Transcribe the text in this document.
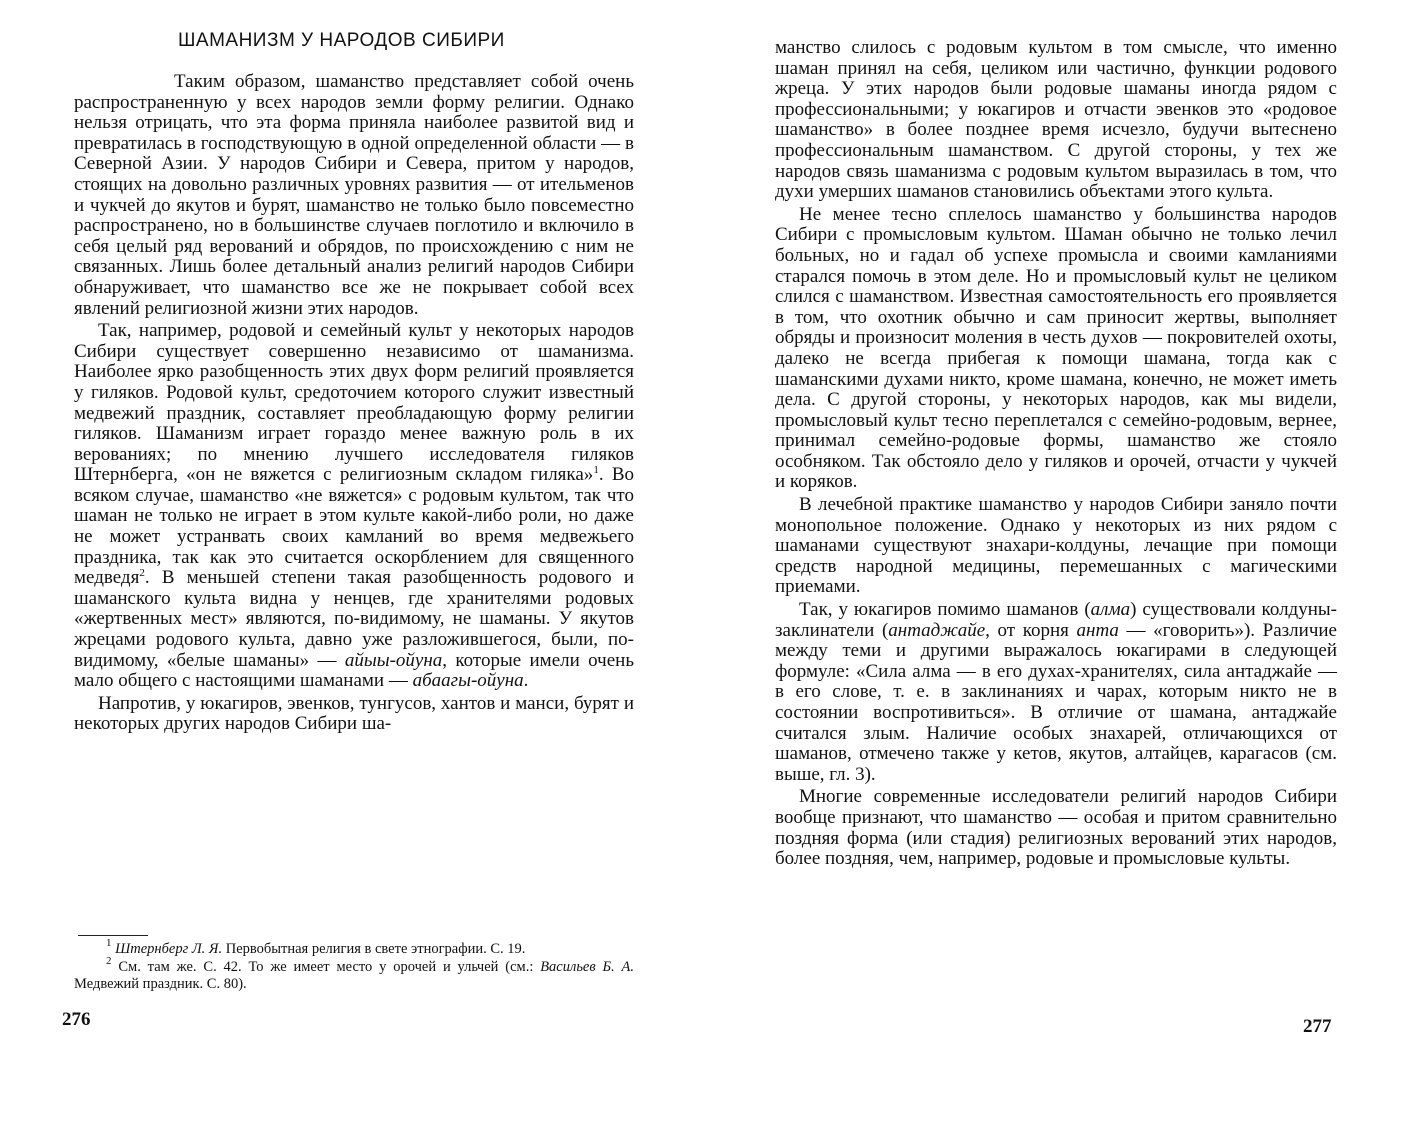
ШАМАНИЗМ У НАРОДОВ СИБИРИ

Таким образом, шаманство представляет собой очень распространенную у всех народов земли форму религии. Однако нельзя отрицать, что эта форма приняла наиболее развитой вид и превратилась в господствующую в одной определенной области — в Северной Азии. У народов Сибири и Севера, притом у народов, стоящих на довольно различных уровнях развития — от ительменов и чукчей до якутов и бурят, шаманство не только было повсеместно распространено, но в большинстве случаев поглотило и включило в себя целый ряд верований и обрядов, по происхождению с ним не связанных. Лишь более детальный анализ религий народов Сибири обнаруживает, что шаманство все же не покрывает собой всех явлений религиозной жизни этих народов.

Так, например, родовой и семейный культ у некоторых народов Сибири существует совершенно независимо от шаманизма. Наиболее ярко разобщенность этих двух форм религий проявляется у гиляков. Родовой культ, средоточием которого служит известный медвежий праздник, составляет преобладающую форму религии гиляков. Шаманизм играет гораздо менее важную роль в их верованиях; по мнению лучшего исследователя гиляков Штернберга, «он не вяжется с религиозным складом гиляка»$^1$. Во всяком случае, шаманство «не вяжется» с родовым культом, так что шаман не только не играет в этом культе какой-либо роли, но даже не может устранвать своих камланий во время медвежьего праздника, так как это считается оскорблением для священного медведя$^2$. В меньшей степени такая разобщенность родового и шаманского культа видна у ненцев, где хранителями родовых «жертвенных мест» являются, по-видимому, не шаманы. У якутов жрецами родового культа, давно уже разложившегося, были, по-видимому, «белые шаманы» — айыы-ойуна, которые имели очень мало общего с настоящими шаманами — абаагы-ойуна.

Напротив, у юкагиров, эвенков, тунгусов, хантов и манси, бурят и некоторых других народов Сибири ша-

$^1$ Штернберг Л. Я. Первобытная религия в свете этнографии. С. 19.

$^2$ См. там же. С. 42. То же имеет место у орочей и ульчей (см.: Васильев Б. А. Медвежий праздник. С. 80).

276

манство слилось с родовым культом в том смысле, что именно шаман принял на себя, целиком или частично, функции родового жреца. У этих народов были родовые шаманы иногда рядом с профессиональными; у юкагиров и отчасти эвенков это «родовое шаманство» в более позднее время исчезло, будучи вытеснено профессиональным шаманством. С другой стороны, у тех же народов связь шаманизма с родовым культом выразилась в том, что духи умерших шаманов становились объектами этого культа.

Не менее тесно сплелось шаманство у большинства народов Сибири с промысловым культом. Шаман обычно не только лечил больных, но и гадал об успехе промысла и своими камланиями старался помочь в этом деле. Но и промысловый культ не целиком слился с шаманством. Известная самостоятельность его проявляется в том, что охотник обычно и сам приносит жертвы, выполняет обряды и произносит моления в честь духов — покровителей охоты, далеко не всегда прибегая к помощи шамана, тогда как с шаманскими духами никто, кроме шамана, конечно, не может иметь дела. С другой стороны, у некоторых народов, как мы видели, промысловый культ тесно переплетался с семейно-родовым, вернее, принимал семейно-родовые формы, шаманство же стояло особняком. Так обстояло дело у гиляков и орочей, отчасти у чукчей и коряков.

В лечебной практике шаманство у народов Сибири заняло почти монопольное положение. Однако у некоторых из них рядом с шаманами существуют знахари-колдуны, лечащие при помощи средств народной медицины, перемешанных с магическими приемами.

Так, у юкагиров помимо шаманов (алма) существовали колдуны-заклинатели (антаджайе, от корня анта — «говорить»). Различие между теми и другими выражалось юкагирами в следующей формуле: «Сила алма — в его духах-хранителях, сила антаджайе — в его слове, т. е. в заклинаниях и чарах, которым никто не в состоянии воспротивиться». В отличие от шамана, антаджайе считался злым. Наличие особых знахарей, отличающихся от шаманов, отмечено также у кетов, якутов, алтайцев, карагасов (см. выше, гл. 3).

Многие современные исследователи религий народов Сибири вообще признают, что шаманство — особая и притом сравнительно поздняя форма (или стадия) религиозных верований этих народов, более поздняя, чем, например, родовые и промысловые культы.

277
